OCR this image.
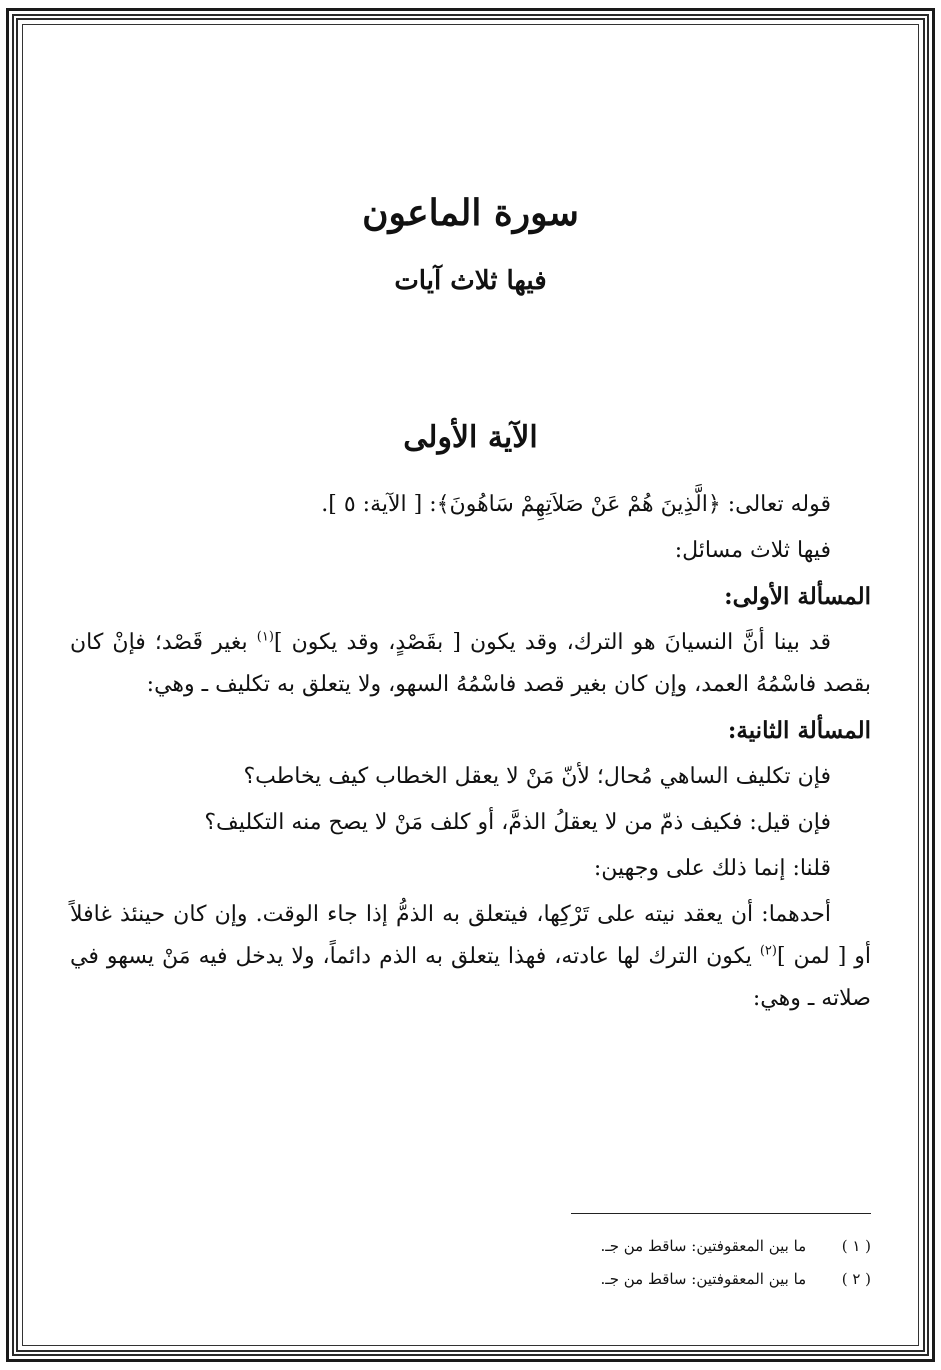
سورة الماعون
فيها ثلاث آيات
الآية الأولى

قوله تعالى: ﴿الَّذِينَ هُمْ عَنْ صَلاَتِهِمْ سَاهُونَ﴾: [ الآية: ٥ ].

فيها ثلاث مسائل:

المسألة الأولى:

قد بينا أنَّ النسيانَ هو الترك، وقد يكون [ بقَصْدٍ، وقد يكون ]$^{(١)}$ بغير قَصْد؛ فإنْ كان بقصد فاسْمُهُ العمد، وإن كان بغير قصد فاسْمُهُ السهو، ولا يتعلق به تكليف ـ وهي:

المسألة الثانية:

فإن تكليف الساهي مُحال؛ لأنّ مَنْ لا يعقل الخطاب كيف يخاطب؟

فإن قيل: فكيف ذمّ من لا يعقلُ الذمَّ، أو كلف مَنْ لا يصح منه التكليف؟

قلنا: إنما ذلك على وجهين:

أحدهما: أن يعقد نيته على تَرْكِها، فيتعلق به الذمُّ إذا جاء الوقت. وإن كان حينئذ غافلاً أو [ لمن ]$^{(٢)}$ يكون الترك لها عادته، فهذا يتعلق به الذم دائماً، ولا يدخل فيه مَنْ يسهو في صلاته ـ وهي:

( ١ ) ما بين المعقوفتين: ساقط من جـ.
( ٢ ) ما بين المعقوفتين: ساقط من جـ.
